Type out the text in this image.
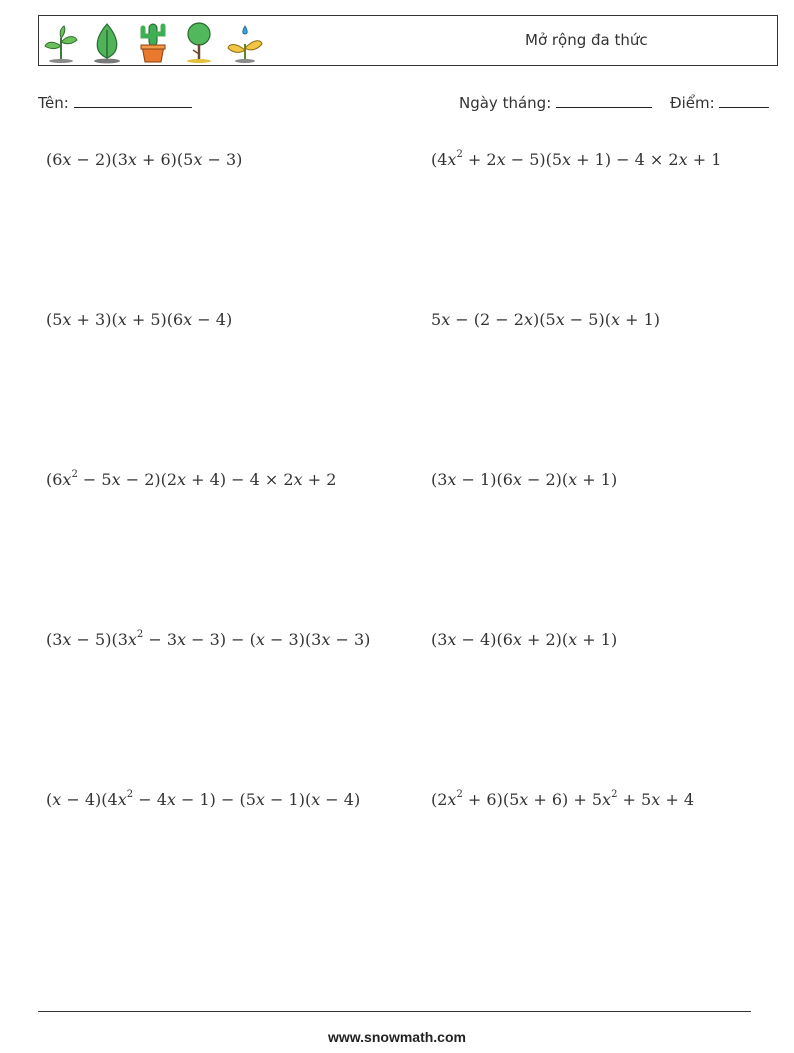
Mở rộng đa thức
Tên:	Ngày tháng:	Điểm:
(6x − 2)(3x + 6)(5x − 3)	$(4x^2 + 2x - 5)(5x + 1) - 4 \times 2x + 1$
(5x + 3)(x + 5)(6x − 4)	5x − (2 − 2x)(5x − 5)(x + 1)
$(6x^2 - 5x - 2)(2x + 4) - 4 \times 2x + 2$	(3x − 1)(6x − 2)(x + 1)
$(3x - 5)(3x^2 - 3x - 3) - (x - 3)(3x - 3)$	(3x − 4)(6x + 2)(x + 1)
$(x - 4)(4x^2 - 4x - 1) - (5x - 1)(x - 4)$	$(2x^2 + 6)(5x + 6) + 5x^2 + 5x + 4$
www.snowmath.com
